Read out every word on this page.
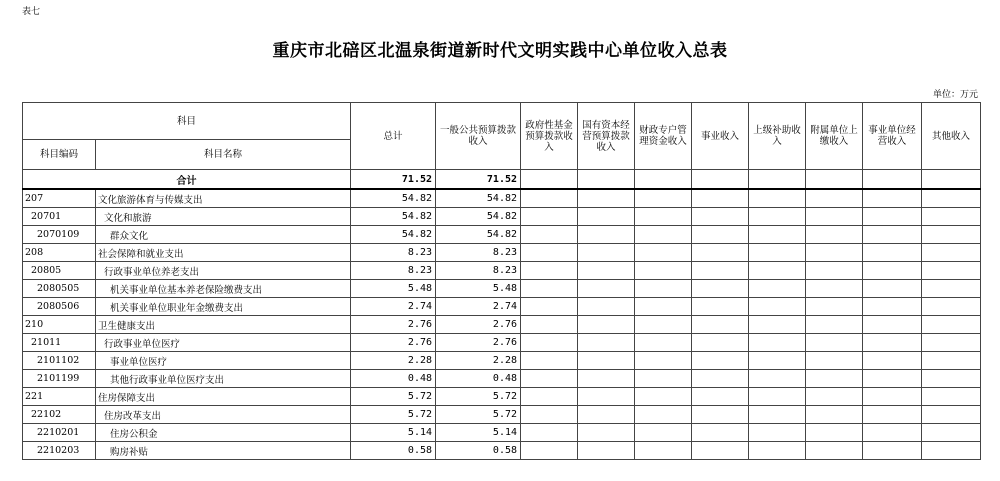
表七
重庆市北碚区北温泉街道新时代文明实践中心单位收入总表
单位：万元
科目		总计	一般公共预算拨款收入	政府性基金预算拨款收入	国有资本经营预算拨款收入	财政专户管理资金收入	事业收入	上级补助收入	附属单位上缴收入	事业单位经营收入	其他收入
科目编码	科目名称										
合计		71.52	71.52								
207	文化旅游体育与传媒支出	54.82	54.82								
20701	文化和旅游	54.82	54.82								
2070109	群众文化	54.82	54.82								
208	社会保障和就业支出	8.23	8.23								
20805	行政事业单位养老支出	8.23	8.23								
2080505	机关事业单位基本养老保险缴费支出	5.48	5.48								
2080506	机关事业单位职业年金缴费支出	2.74	2.74								
210	卫生健康支出	2.76	2.76								
21011	行政事业单位医疗	2.76	2.76								
2101102	事业单位医疗	2.28	2.28								
2101199	其他行政事业单位医疗支出	0.48	0.48								
221	住房保障支出	5.72	5.72								
22102	住房改革支出	5.72	5.72								
2210201	住房公积金	5.14	5.14								
2210203	购房补贴	0.58	0.58								
